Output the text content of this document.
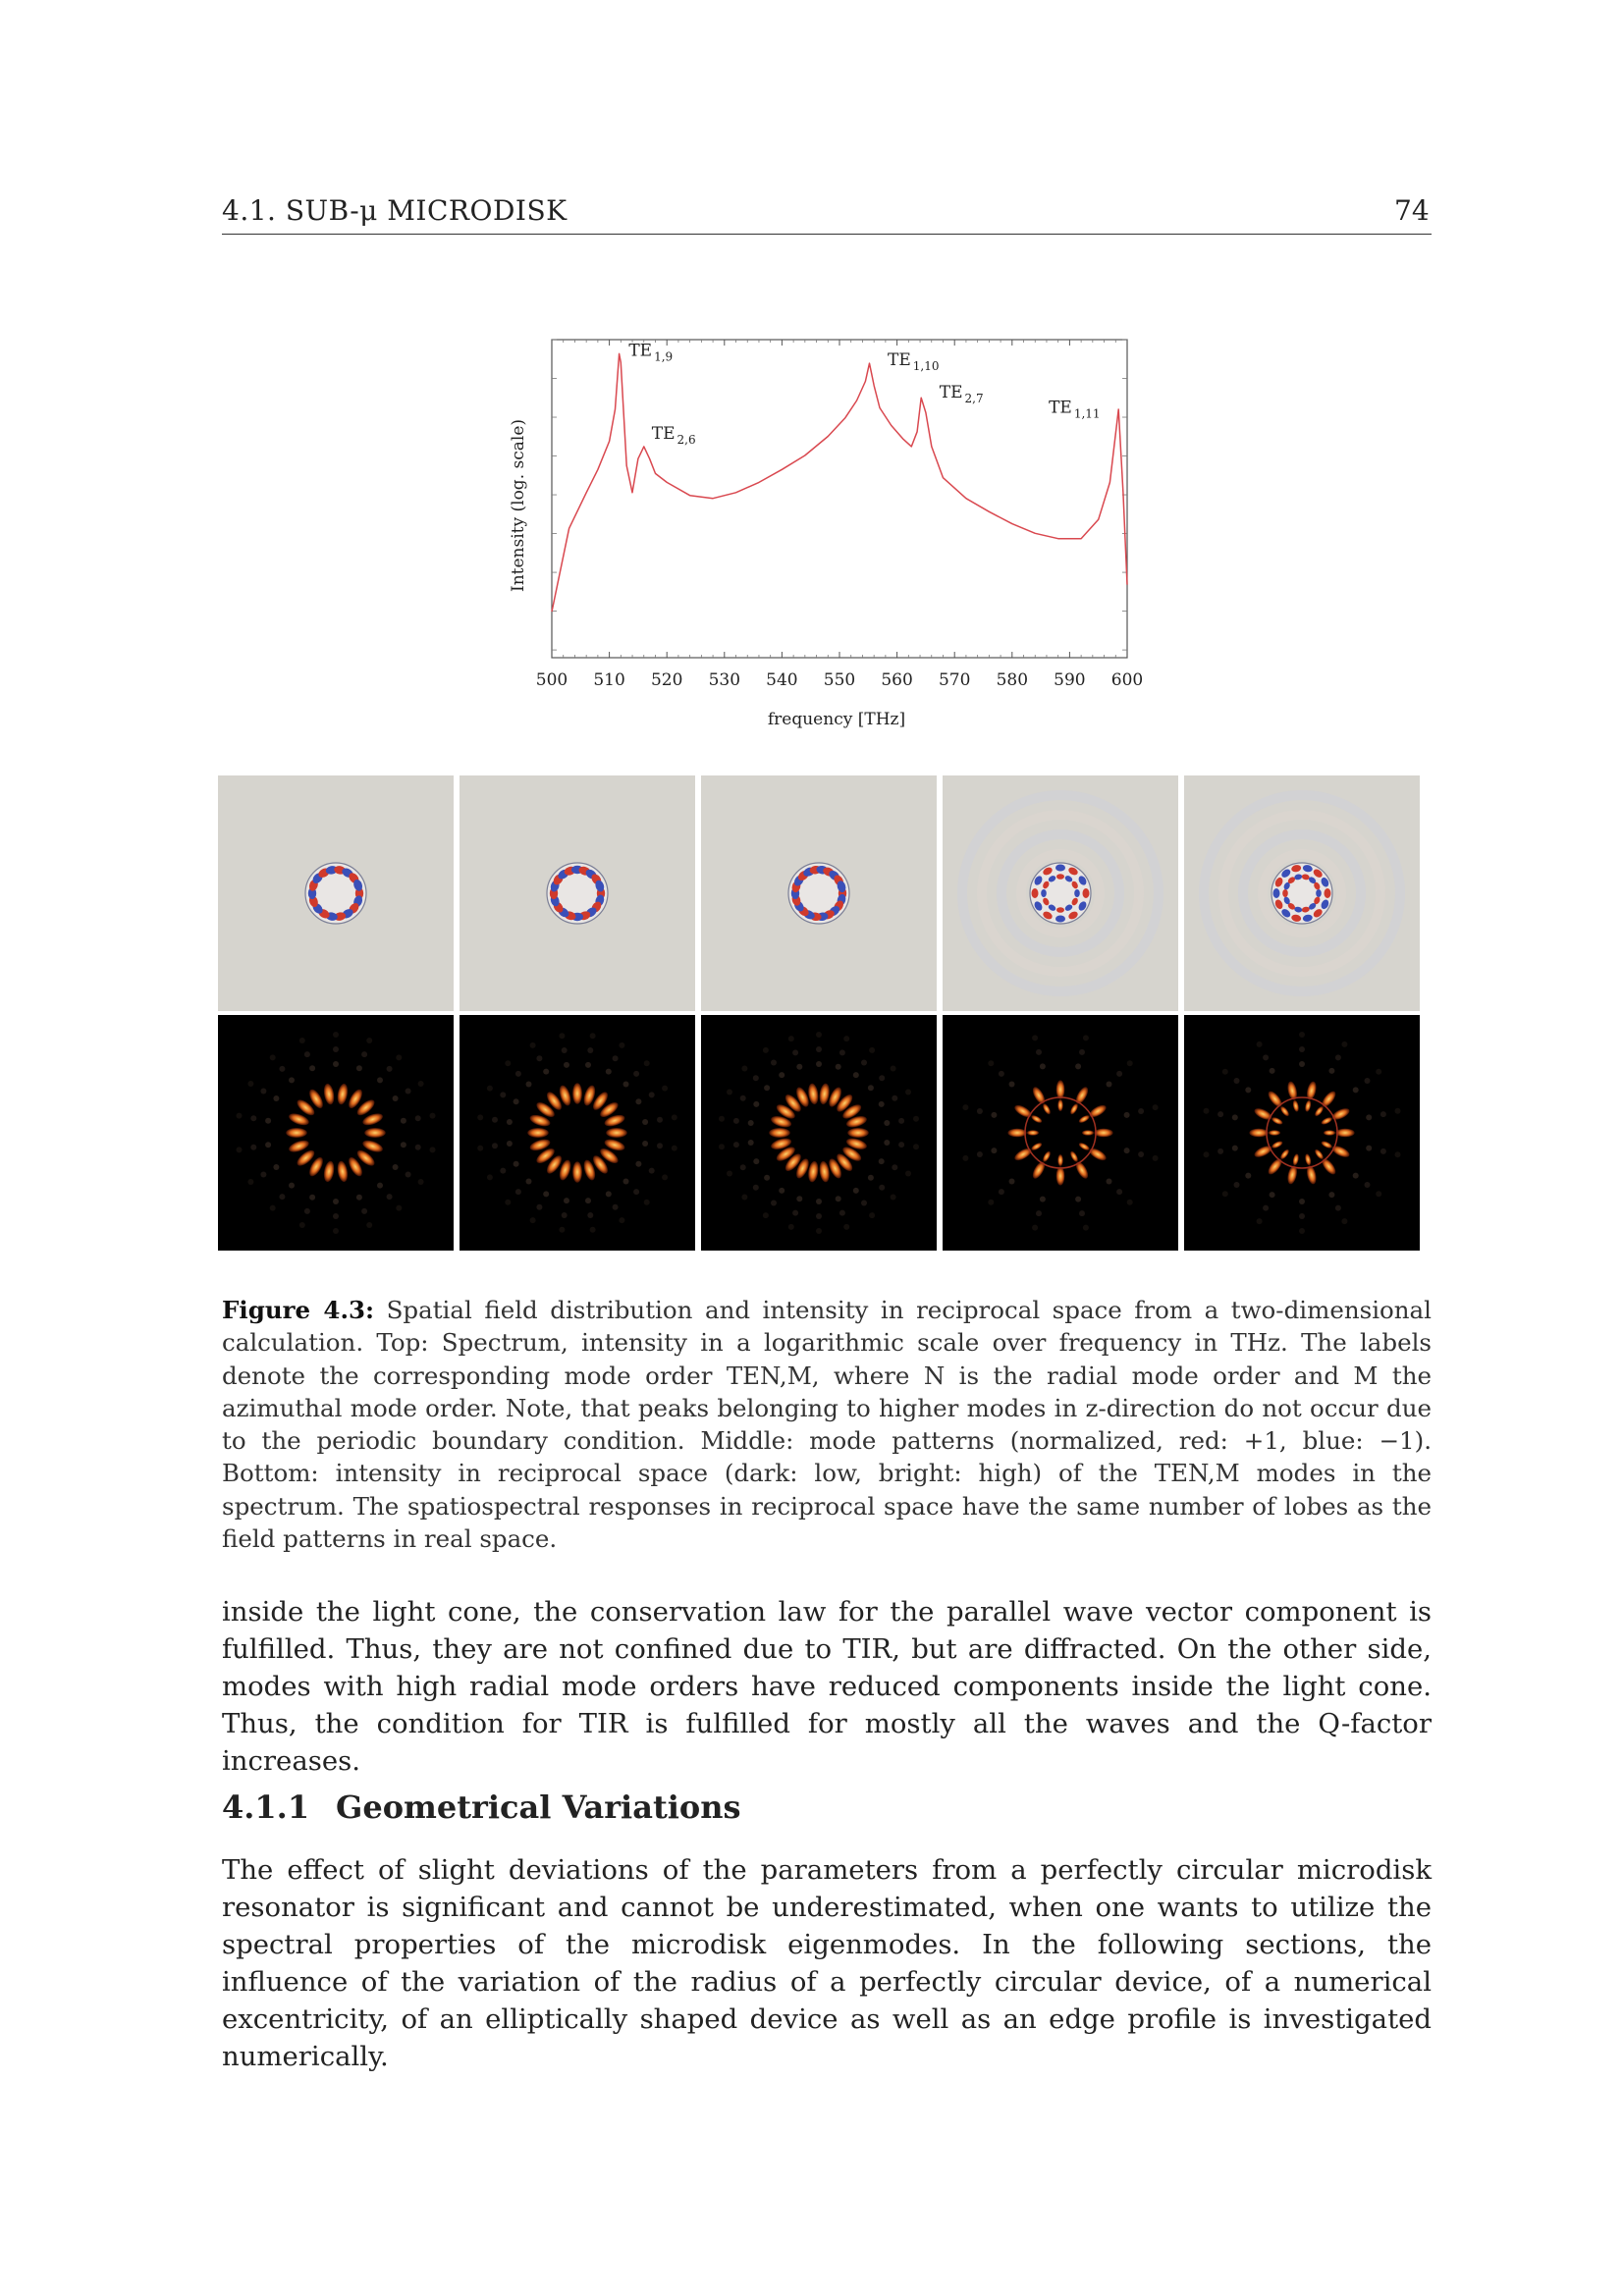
4.1. SUB-μ MICRODISK	74
500 510 520 530 540 550 560 570 580 590 600
TE $_{1,9}$
TE $_{2,6}$
TE $_{1,10}$
TE $_{2,7}$	TE $_{1,11}$
frequency [THz]
Intensity (log. scale)
Figure 4.3: Spatial field distribution and intensity in reciprocal space from a two-dimensional calculation. Top: Spectrum, intensity in a logarithmic scale over frequency in THz. The labels denote the corresponding mode order TEN,M, where N is the radial mode order and M the azimuthal mode order. Note, that peaks belonging to higher modes in z-direction do not occur due to the periodic boundary condition. Middle: mode patterns (normalized, red: +1, blue: −1). Bottom: intensity in reciprocal space (dark: low, bright: high) of the TEN,M modes in the spectrum. The spatiospectral responses in reciprocal space have the same number of lobes as the field patterns in real space.
inside the light cone, the conservation law for the parallel wave vector component is fulfilled. Thus, they are not confined due to TIR, but are diffracted. On the other side, modes with high radial mode orders have reduced components inside the light cone. Thus, the condition for TIR is fulfilled for mostly all the waves and the Q-factor increases.
4.1.1 Geometrical Variations
The effect of slight deviations of the parameters from a perfectly circular microdisk resonator is significant and cannot be underestimated, when one wants to utilize the spectral properties of the microdisk eigenmodes. In the following sections, the influence of the variation of the radius of a perfectly circular device, of a numerical excentricity, of an elliptically shaped device as well as an edge profile is investigated numerically.
